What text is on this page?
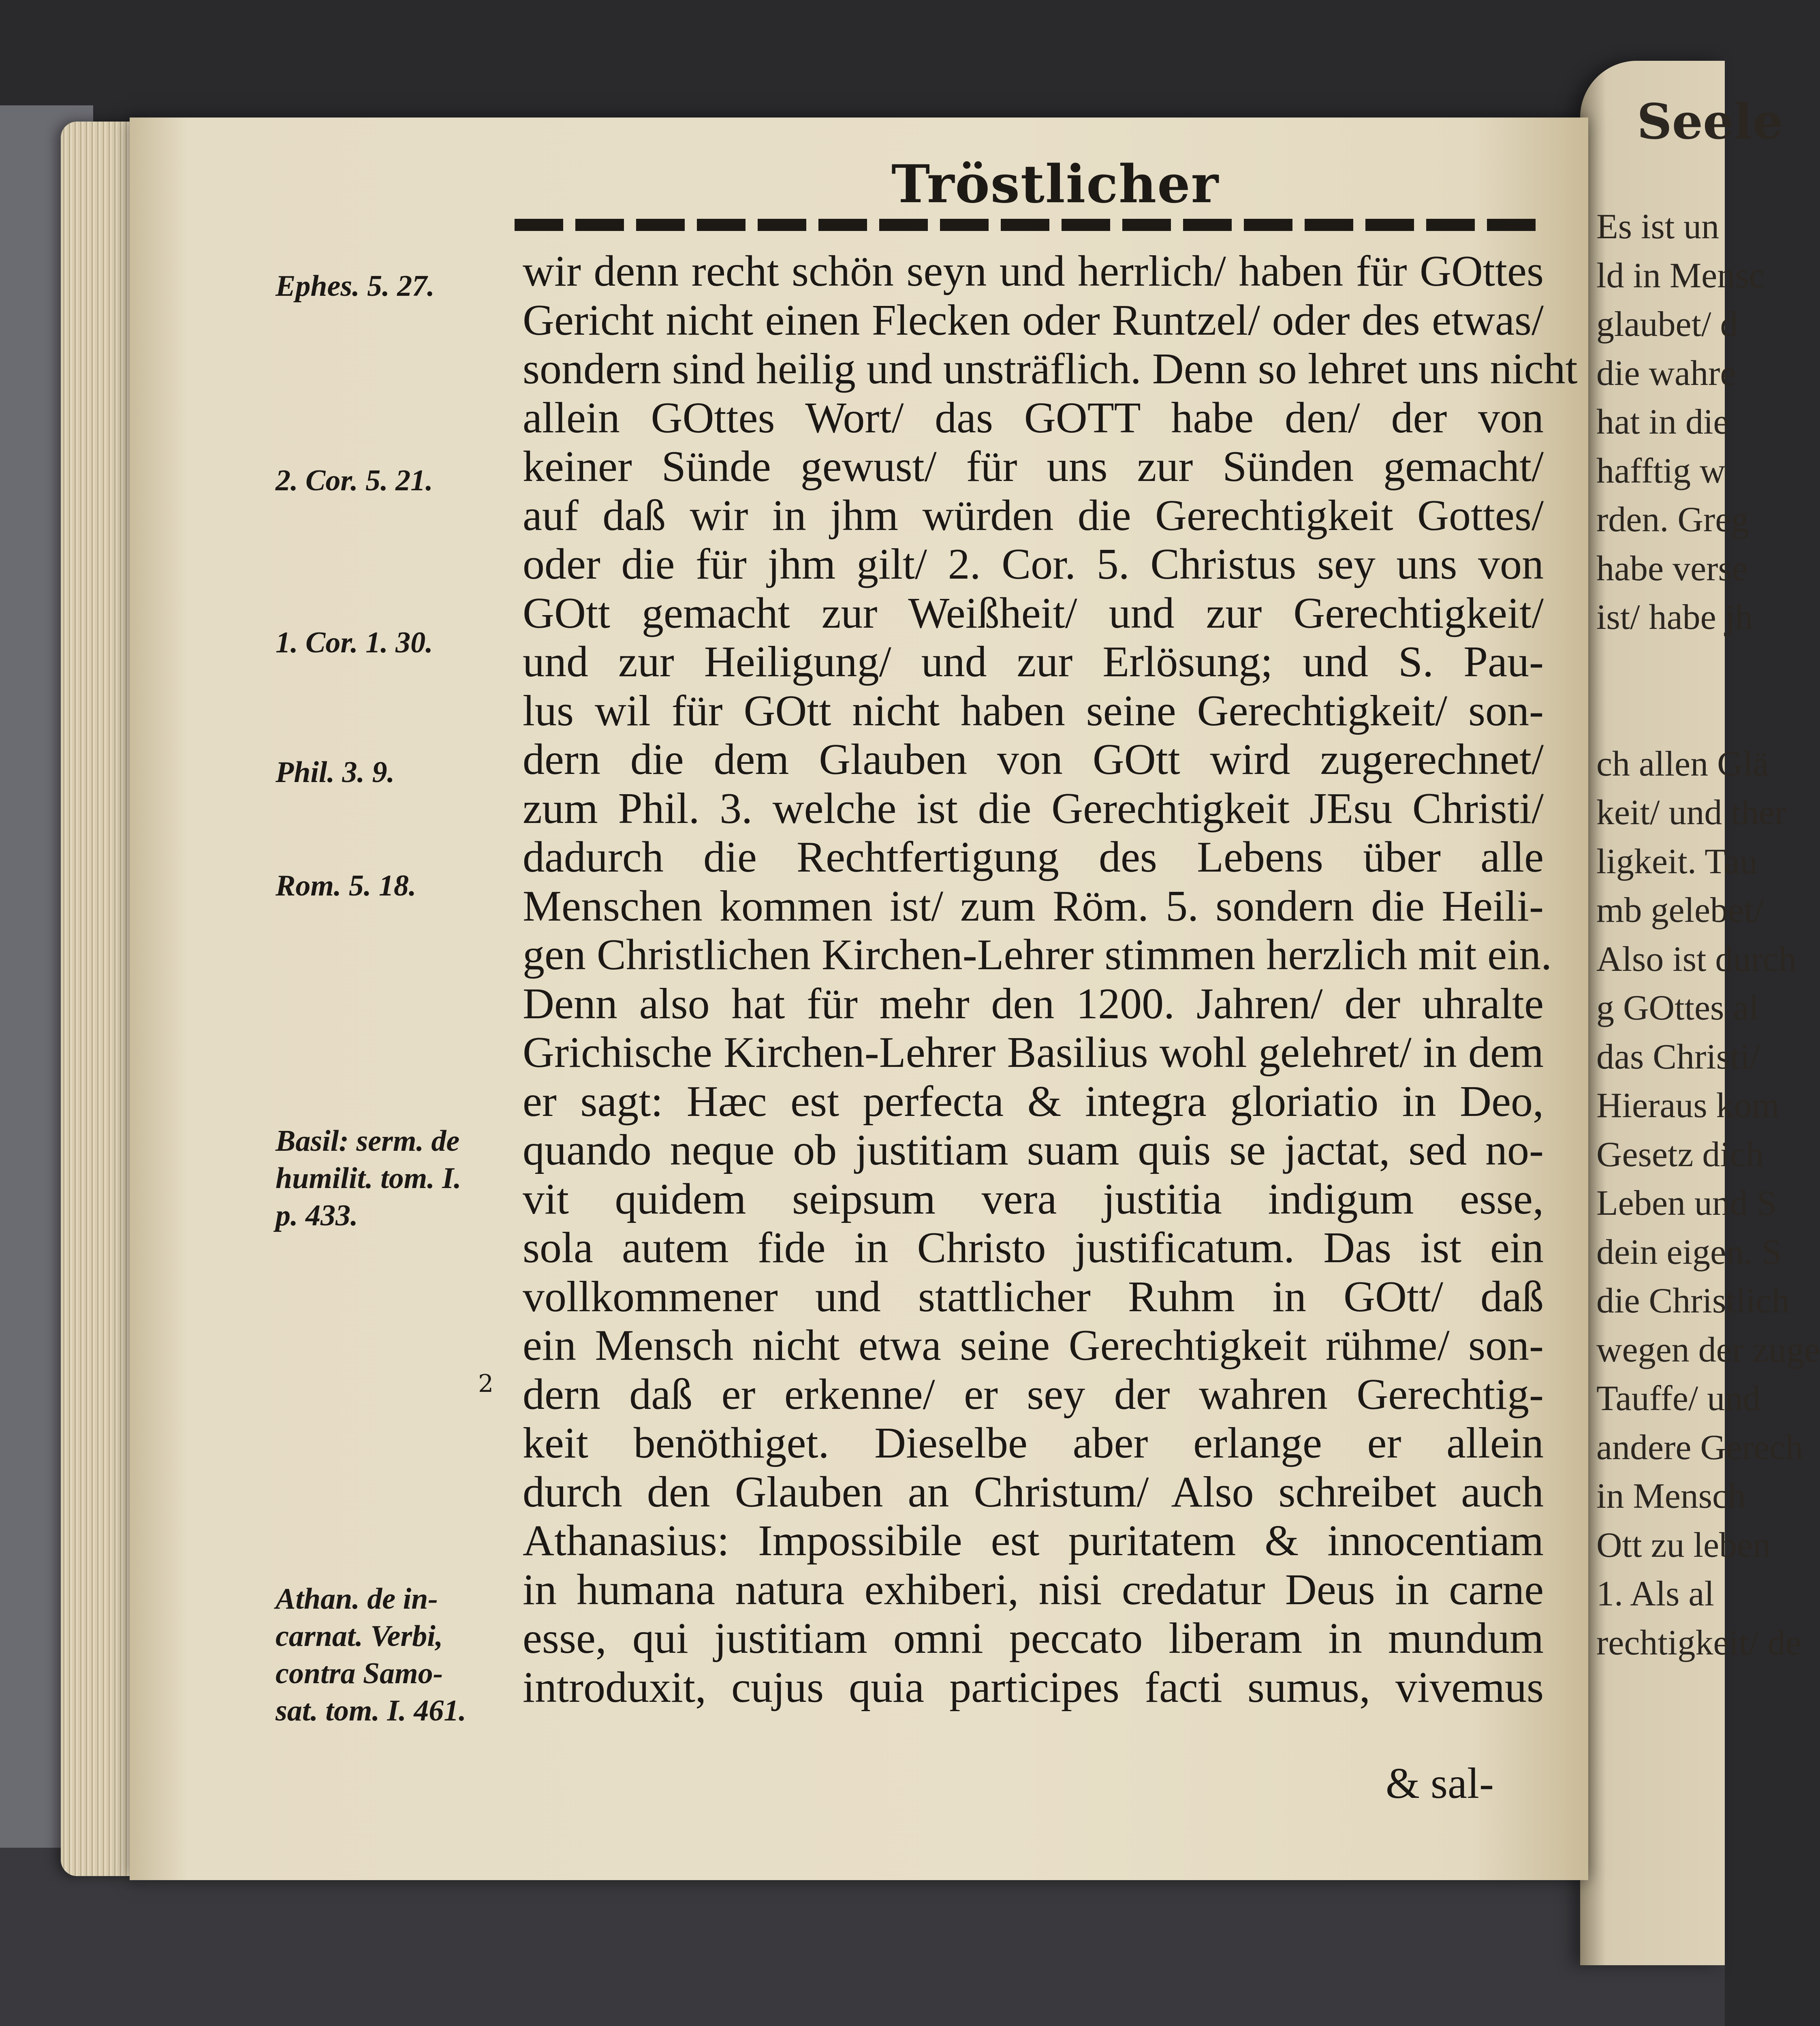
Seele
Es ist un
ld in Mensc
glaubet/ d
die wahre
hat in die
hafftig w
rden. Greg
habe verse
ist/ habe jh
ch allen Glä
keit/ und ther
ligkeit. Tau
mb gelebet/
Also ist durch
g GOttes al
das Christi/
Hieraus kom
Gesetz dich
Leben und S
dein eigen. S
die Christlich
wegen der zuge
Tauffe/ und
andere Gerech
in Mensch
Ott zu leben
1. Als al
rechtigkeit/ de
Tröstlicher
wir denn recht schön seyn und herrlich/ haben für GOttes
Gericht nicht einen Flecken oder Runtzel/ oder des etwas/
sondern sind heilig und unsträflich. Denn so lehret uns nicht
allein GOttes Wort/ das GOTT habe den/ der von
keiner Sünde gewust/ für uns zur Sünden gemacht/
auf daß wir in jhm würden die Gerechtigkeit Gottes/
oder die für jhm gilt/ 2. Cor. 5. Christus sey uns von
GOtt gemacht zur Weißheit/ und zur Gerechtigkeit/
und zur Heiligung/ und zur Erlösung; und S. Pau-
lus wil für GOtt nicht haben seine Gerechtigkeit/ son-
dern die dem Glauben von GOtt wird zugerechnet/
zum Phil. 3. welche ist die Gerechtigkeit JEsu Christi/
dadurch die Rechtfertigung des Lebens über alle
Menschen kommen ist/ zum Röm. 5. sondern die Heili-
gen Christlichen Kirchen-Lehrer stimmen herzlich mit ein.
Denn also hat für mehr den 1200. Jahren/ der uhralte
Grichische Kirchen-Lehrer Basilius wohl gelehret/ in dem
er sagt: Hæc est perfecta & integra gloriatio in Deo,
quando neque ob justitiam suam quis se jactat, sed no-
vit quidem seipsum vera justitia indigum esse,
sola autem fide in Christo justificatum. Das ist ein
vollkommener und stattlicher Ruhm in GOtt/ daß
ein Mensch nicht etwa seine Gerechtigkeit rühme/ son-
dern daß er erkenne/ er sey der wahren Gerechtig-
keit benöthiget. Dieselbe aber erlange er allein
durch den Glauben an Christum/ Also schreibet auch
Athanasius: Impossibile est puritatem & innocentiam
in humana natura exhiberi, nisi credatur Deus in carne
esse, qui justitiam omni peccato liberam in mundum
introduxit, cujus quia participes facti sumus, vivemus
& sal-
Ephes. 5. 27.
2. Cor. 5. 21.
1. Cor. 1. 30.
Phil. 3. 9.
Rom. 5. 18.
Basil: serm. de
humilit. tom. I.
p. 433.
Athan. de in-
carnat. Verbi,
contra Samo-
sat. tom. I. 461.
2
